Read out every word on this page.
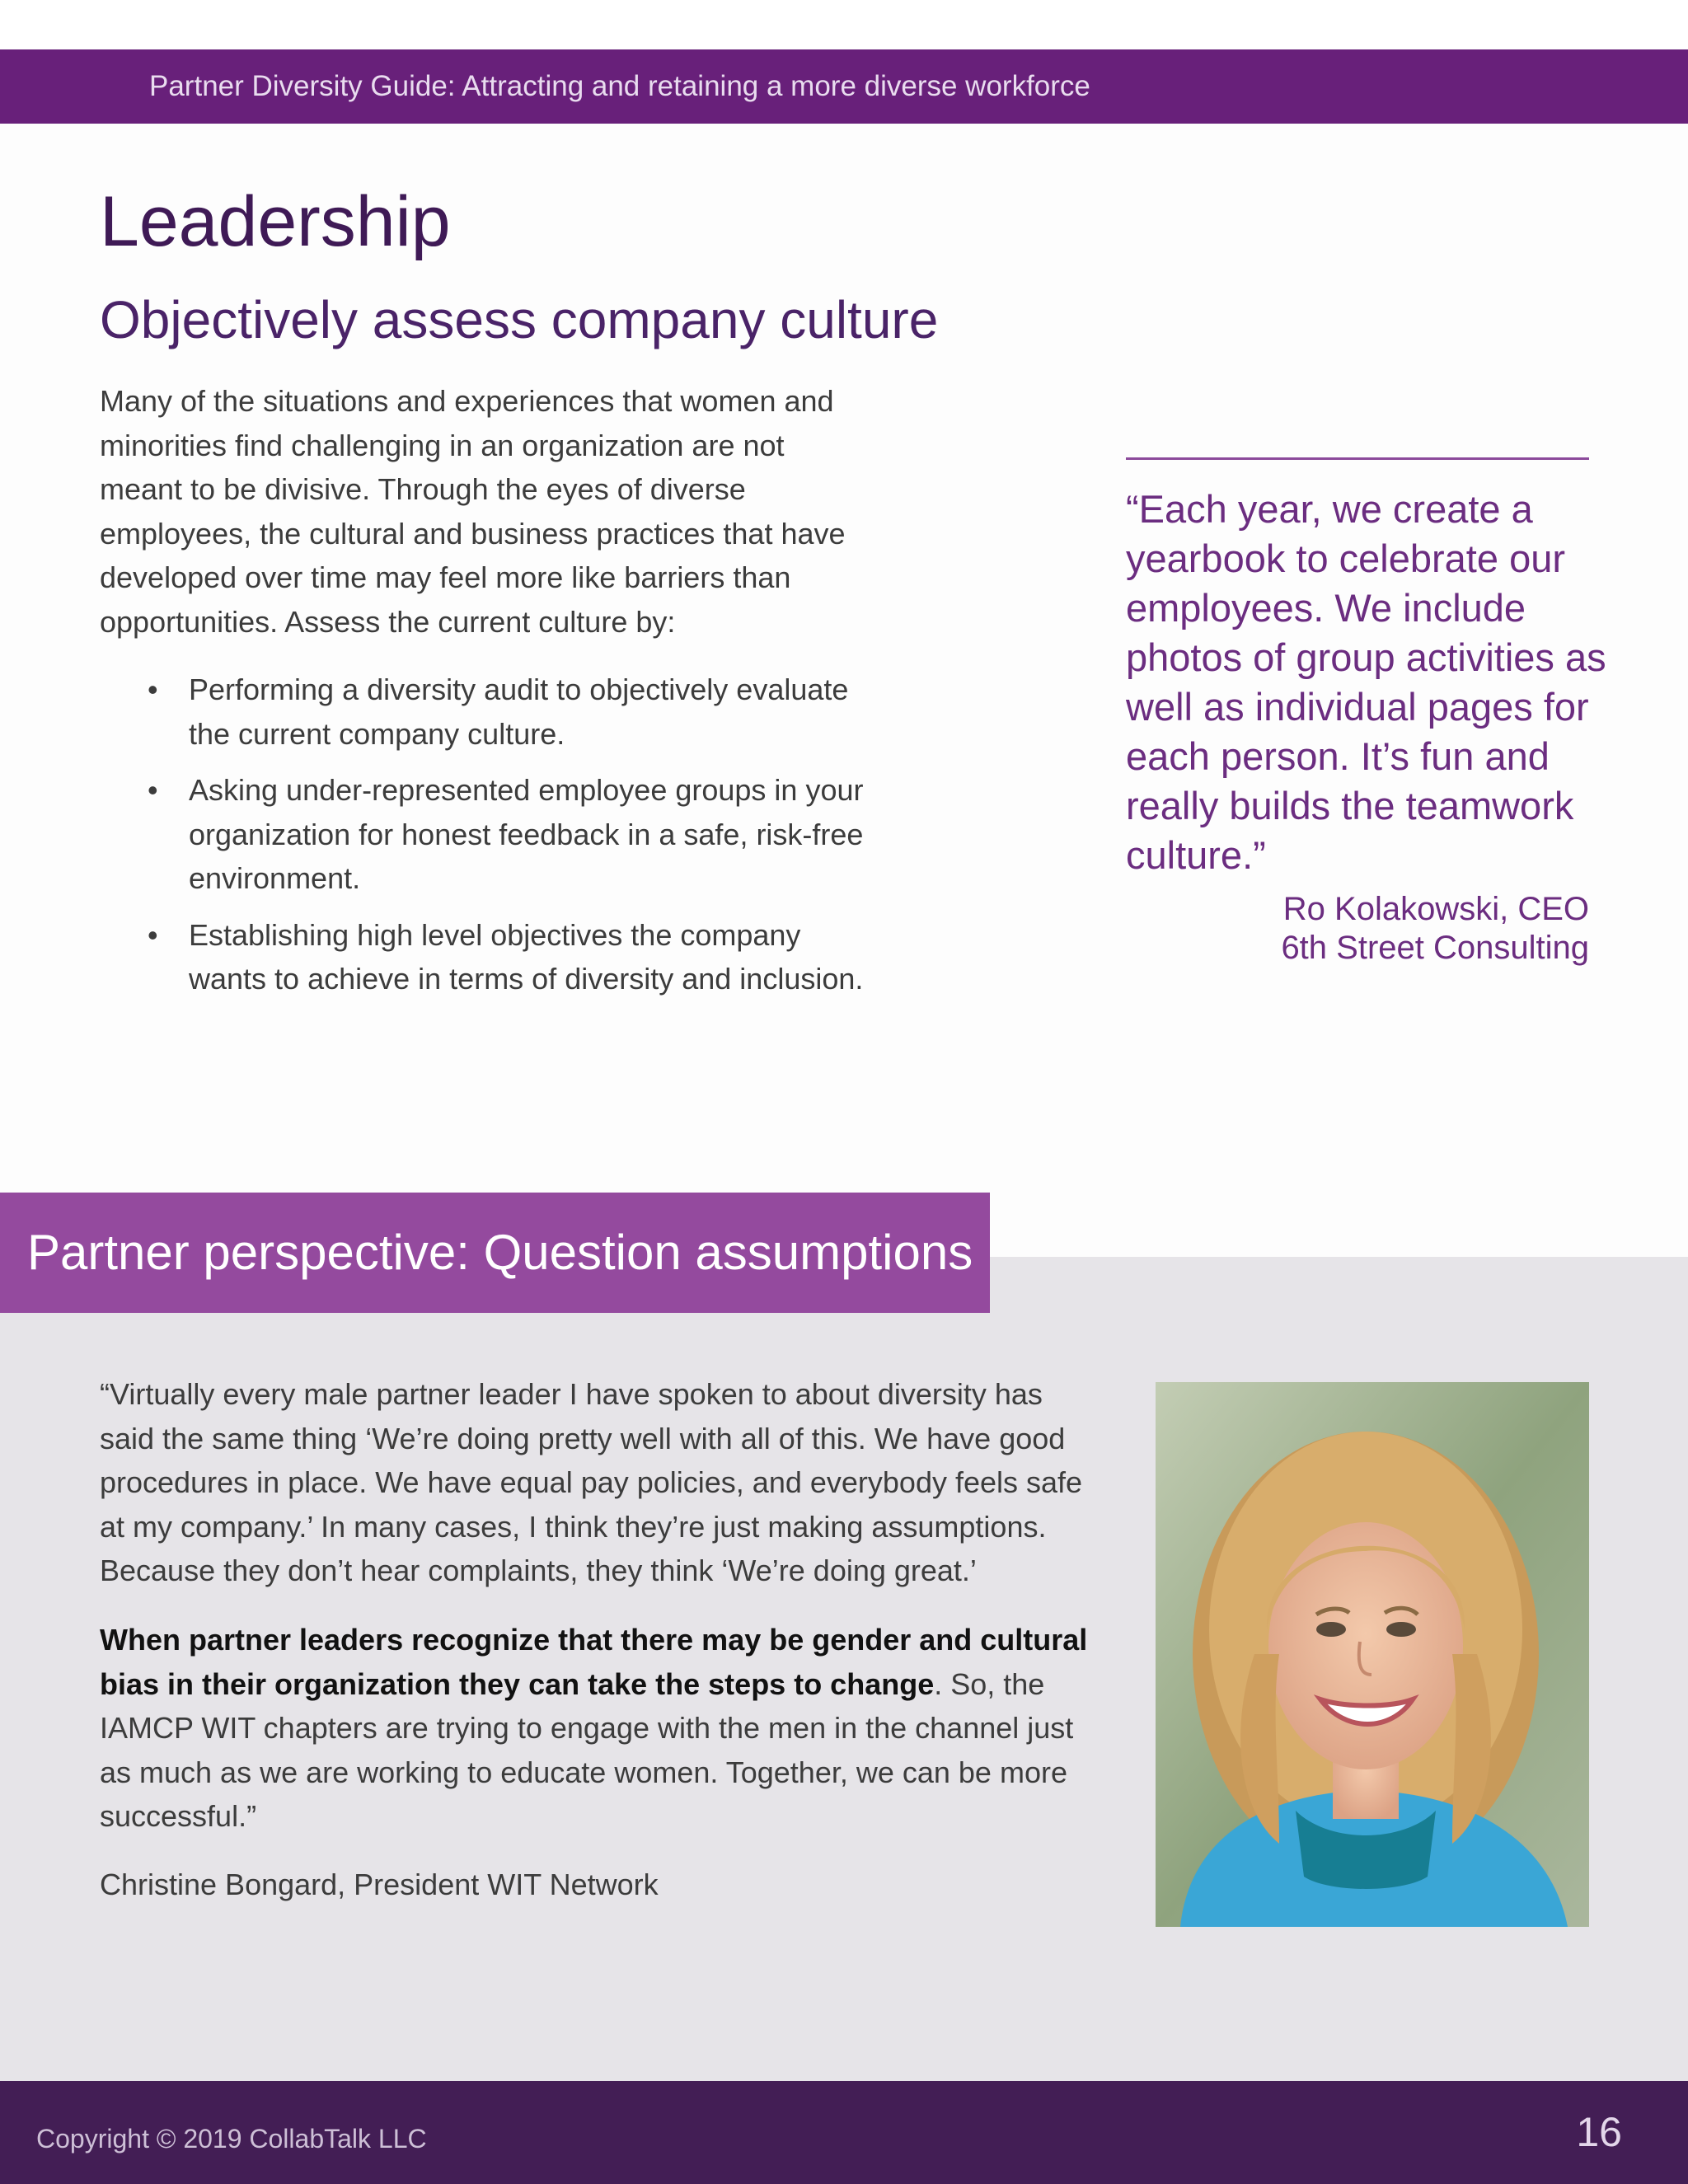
Partner Diversity Guide: Attracting and retaining a more diverse workforce
Leadership
Objectively assess company culture

Many of the situations and experiences that women and minorities find challenging in an organization are not meant to be divisive. Through the eyes of diverse employees, the cultural and business practices that have developed over time may feel more like barriers than opportunities. Assess the current culture by:

• Performing a diversity audit to objectively evaluate the current company culture.
• Asking under-represented employee groups in your organization for honest feedback in a safe, risk-free environment.
• Establishing high level objectives the company wants to achieve in terms of diversity and inclusion.

“Each year, we create a yearbook to celebrate our employees. We include photos of group activities as well as individual pages for each person. It’s fun and really builds the teamwork culture.”

Ro Kolakowski, CEO
6th Street Consulting
Partner perspective: Question assumptions

“Virtually every male partner leader I have spoken to about diversity has said the same thing ‘We’re doing pretty well with all of this. We have good procedures in place. We have equal pay policies, and everybody feels safe at my company.’ In many cases, I think they’re just making assumptions. Because they don’t hear complaints, they think ‘We’re doing great.’

When partner leaders recognize that there may be gender and cultural bias in their organization they can take the steps to change. So, the IAMCP WIT chapters are trying to engage with the men in the channel just as much as we are working to educate women. Together, we can be more successful.”

Christine Bongard, President WIT Network

Copyright © 2019 CollabTalk LLC	16
